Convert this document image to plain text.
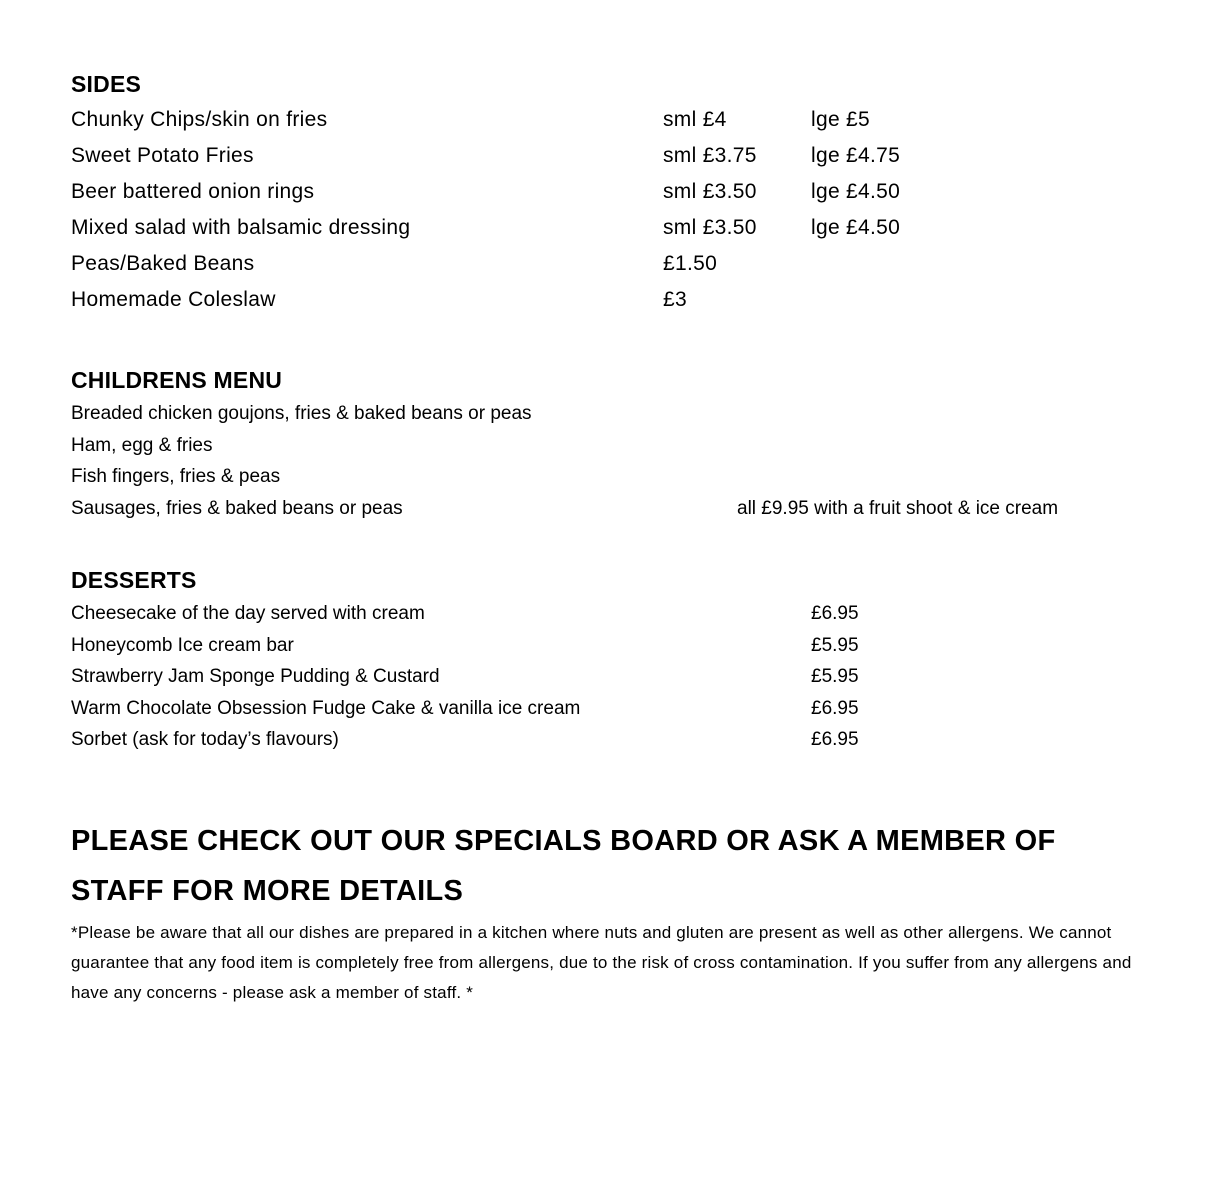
SIDES
Chunky Chips/skin on fries	sml £4	lge £5
Sweet Potato Fries	sml £3.75	lge £4.75
Beer battered onion rings	sml £3.50	lge £4.50
Mixed salad with balsamic dressing	sml £3.50	lge £4.50
Peas/Baked Beans	£1.50
Homemade Coleslaw	£3
CHILDRENS MENU
Breaded chicken goujons, fries & baked beans or peas
Ham, egg & fries
Fish fingers, fries & peas
Sausages, fries & baked beans or peas	all £9.95 with a fruit shoot & ice cream
DESSERTS
Cheesecake of the day served with cream	£6.95
Honeycomb Ice cream bar	£5.95
Strawberry Jam Sponge Pudding & Custard	£5.95
Warm Chocolate Obsession Fudge Cake & vanilla ice cream	£6.95
Sorbet (ask for today’s flavours)	£6.95
PLEASE CHECK OUT OUR SPECIALS BOARD OR ASK A MEMBER OF STAFF FOR MORE DETAILS
*Please be aware that all our dishes are prepared in a kitchen where nuts and gluten are present as well as other allergens. We cannot guarantee that any food item is completely free from allergens, due to the risk of cross contamination. If you suffer from any allergens and have any concerns - please ask a member of staff. *
